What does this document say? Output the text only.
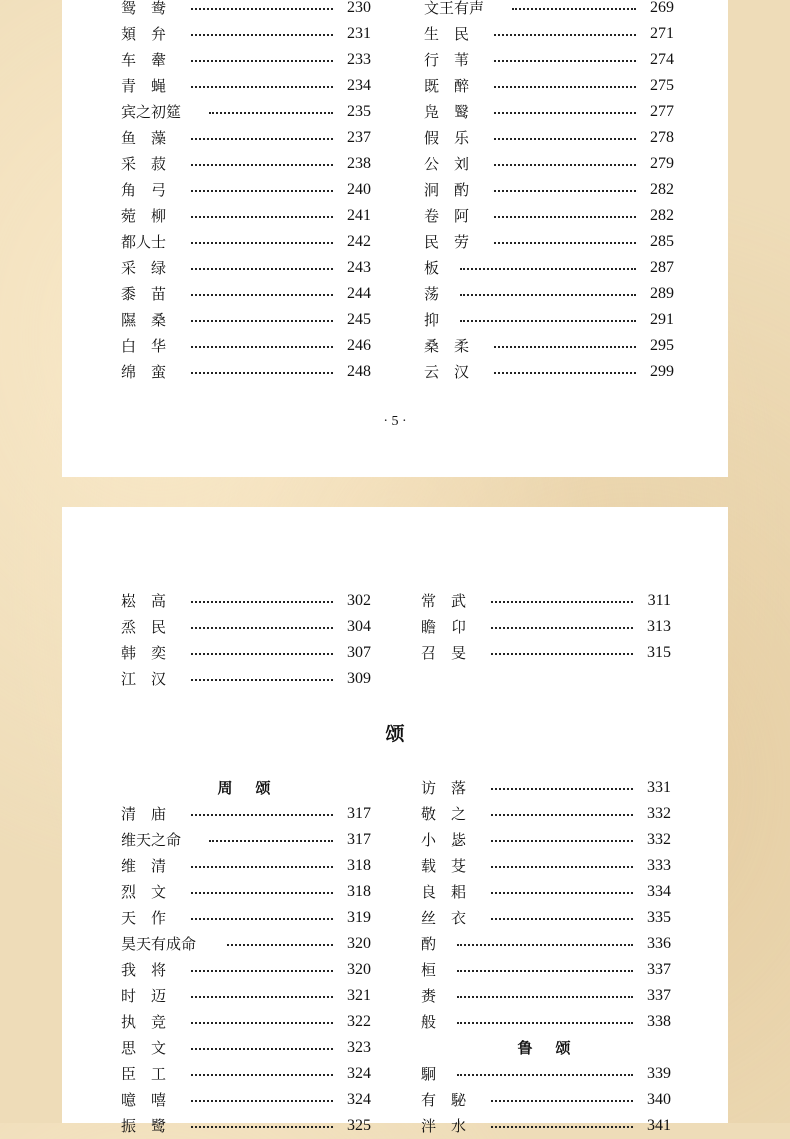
鸳　鸯	230
頍　弁	231
车　舝	233
青　蝇	234
宾之初筵	235
鱼　藻	237
采　菽	238
角　弓	240
菀　柳	241
都人士	242
采　绿	243
黍　苗	244
隰　桑	245
白　华	246
绵　蛮	248
文王有声	269
生　民	271
行　苇	274
既　醉	275
凫　鹥	277
假　乐	278
公　刘	279
泂　酌	282
卷　阿	282
民　劳	285
板	287
荡	289
抑	291
桑　柔	295
云　汉	299
· 5 ·
崧　高	302
烝　民	304
韩　奕	307
江　汉	309
常　武	311
瞻　卬	313
召　旻	315
颂
周　颂
清　庙	317
维天之命	317
维　清	318
烈　文	318
天　作	319
昊天有成命	320
我　将	320
时　迈	321
执　竞	322
思　文	323
臣　工	324
噫　嘻	324
振　鹭	325
鲁　颂
访　落	331
敬　之	332
小　毖	332
载　芟	333
良　耜	334
丝　衣	335
酌	336
桓	337
赉	337
般	338
駉	339
有　駜	340
泮　水	341
